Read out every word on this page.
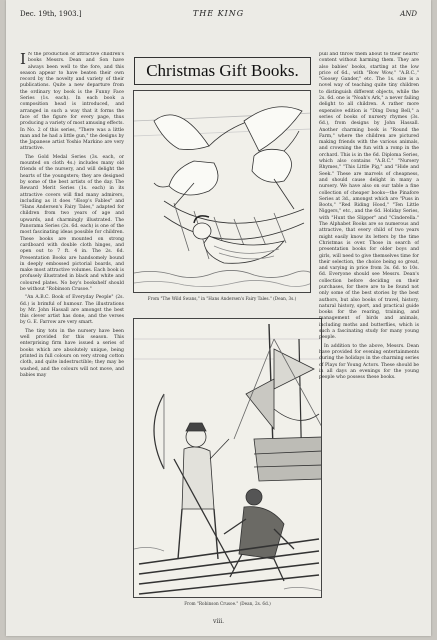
Dec. 19th, 1903.]	THE KING	AND

I N the production of attractive children's books Messrs. Dean and Son have always been well to the fore, and this season appear to have beaten their own record by the novelty and variety of their publications. Quite a new departure from the ordinary toy book is the Funny Face Series (1s. each). In each book a composition head is introduced, and arranged in such a way that it forms the face of the figure for every page, thus producing a variety of most amusing effects. In No. 2 of this series, "There was a little man and he had a little gun," the designs by the Japanese artist Yoshio Markino are very attractive.

The Gold Medal Series (3s. each, or mounted on cloth 4s.) includes many old friends of the nursery, and will delight the hearts of the youngsters; they are designed by some of the best artists of the day. The Reward Merit Series (1s. each) in its attractive covers will find many admirers, including as it does "Æsop's Fables" and "Hans Andersen's Fairy Tales," adapted for children from two years of age and upwards, and charmingly illustrated. The Panorama Series (2s. 6d. each) is one of the most fascinating ideas possible for children. These books are mounted on strong cardboard with double cloth hinges, and open out to 7 ft. 4 in. The 2s. 6d. Presentation Books are handsomely bound in deeply embossed pictorial boards, and make most attractive volumes. Each book is profusely illustrated in black and white and coloured plates. No boy's bookshelf should be without "Robinson Crusoe."

"An A.B.C. Book of Everyday People" (2s. 6d.) is brimful of humour. The illustrations by Mr. John Hassall are amongst the best this clever artist has done, and the verses by G. E. Farrow are very smart.

The tiny tots in the nursery have been well provided for this season. This enterprising firm have issued a series of books which are absolutely unique, being printed in full colours on very strong cotton cloth, and quite indestructible; they may be washed, and the colours will not move, and babies may

Christmas Gift Books.
From "The Wild Swans," in "Hans Andersen's Fairy Tales." (Dean, 3s.)
From "Robinson Crusoe." (Dean, 2s. 6d.)

pull and throw them about to their hearts' content without harming them. They are also babies' books, starting at the low price of 6d., with "Bow Wow," "A.B.C.," "Goosey Gander," etc. The 1s. size is a novel way of teaching quite tiny children to distinguish different objects, while the 2s. 6d. one is "Noah's Ark," a never failing delight to all children. A rather more expensive edition is "Ding Dong Bell," a series of books of nursery rhymes (3s. 6d.), from designs by John Hassall. Another charming book is "Round the Farm," where the children are pictured making friends with the various animals, and crowning the fun with a romp in the orchard. This is in the 6d. Diploma Series, which also contains "A.B.C." "Nursery Rhymes," "This Little Pig," and "Hide and Seek." These are marvels of cheapness, and should cause delight in many a nursery. We have also on our table a fine collection of cheaper books—the Pinafore Series at 3d., amongst which are "Puss in Boots," "Red Riding Hood," "Ten Little Niggers," etc., and the 6d. Holiday Series, with "Hunt the Slipper" and "Cinderella." The Alphabet Books are so numerous and attractive, that every child of two years might easily know its letters by the time Christmas is over. Those in search of presentation books for older boys and girls, will need to give themselves time for their selection, the choice being so great, and varying in price from 3s. 6d. to 10s. 6d. Everyone should see Messrs. Dean's collection before deciding on their purchases, for there are to be found not only some of the best stories by the best authors, but also books of travel, history, natural history, sport, and practical guide books for the rearing, training, and management of birds and animals, including moths and butterflies, which is such a fascinating study for many young people.

In addition to the above, Messrs. Dean have provided for evening entertainments during the holidays in the charming series of Plays for Young Actors. These should be in all days an evenings for the young people who possess these books.

viii.
